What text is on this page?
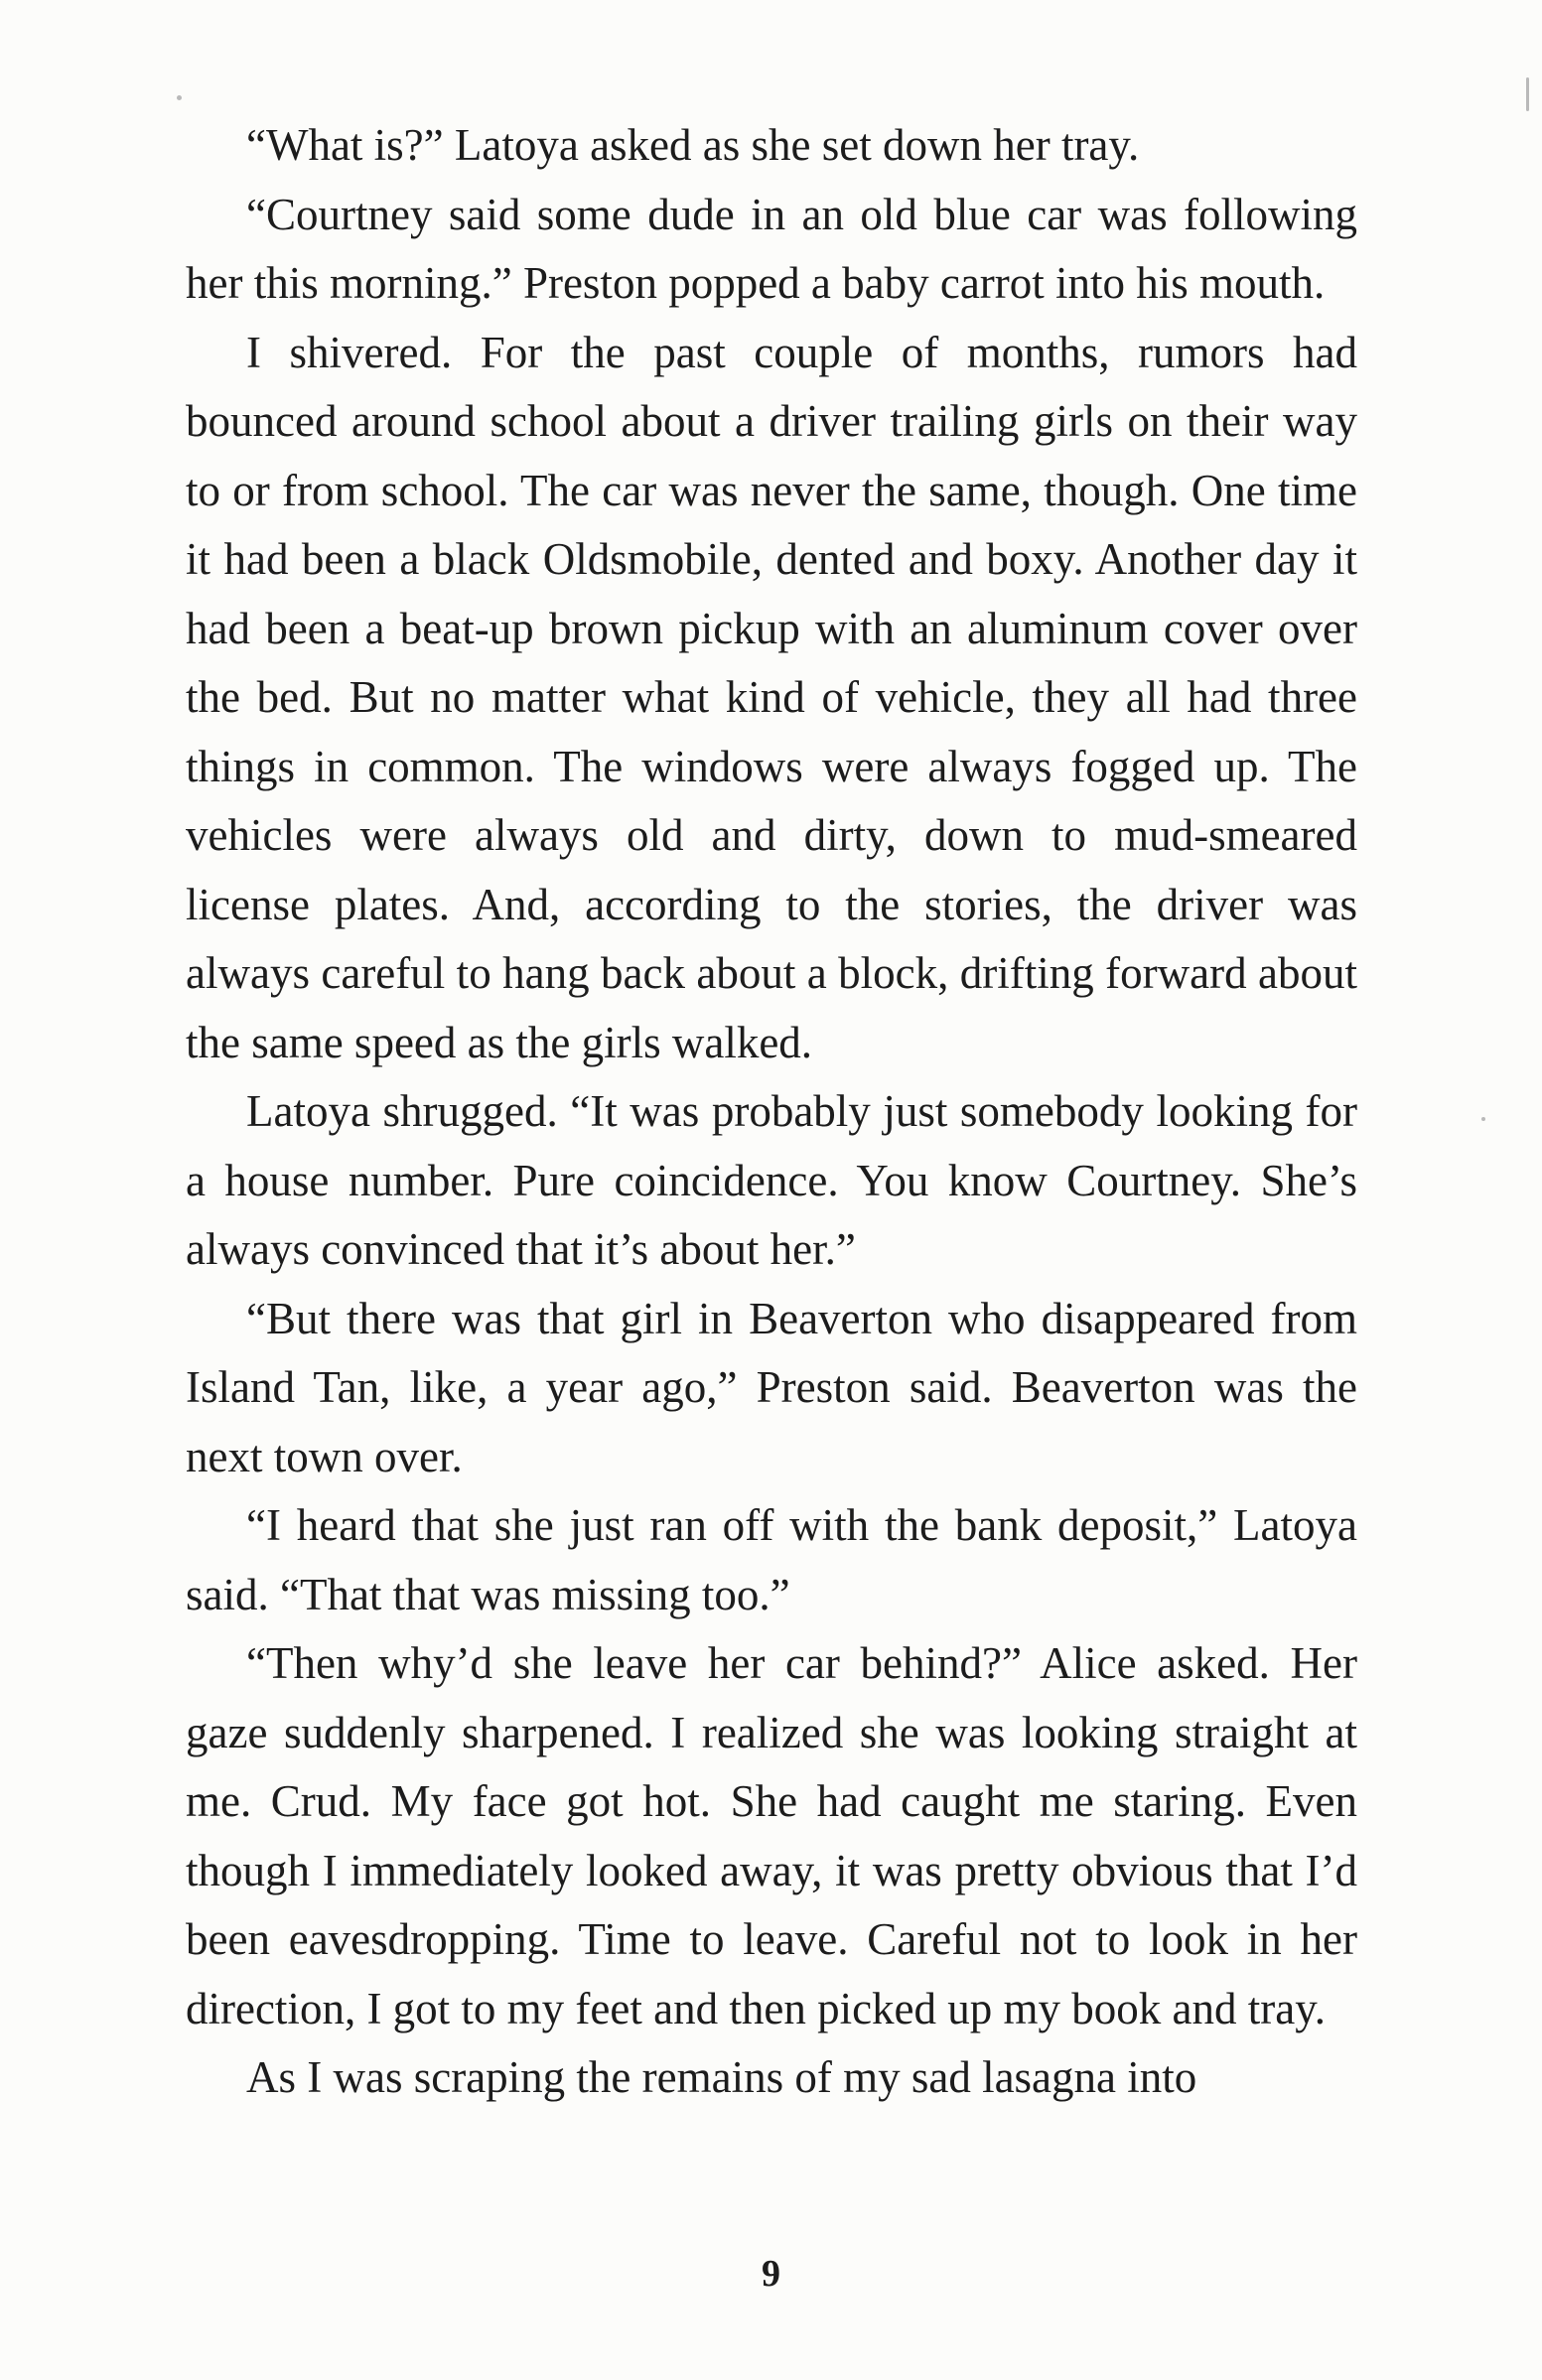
“What is?” Latoya asked as she set down her tray.

“Courtney said some dude in an old blue car was following her this morning.” Preston popped a baby carrot into his mouth.

I shivered. For the past couple of months, rumors had bounced around school about a driver trailing girls on their way to or from school. The car was never the same, though. One time it had been a black Oldsmobile, dented and boxy. Another day it had been a beat-up brown pickup with an aluminum cover over the bed. But no matter what kind of vehicle, they all had three things in common. The windows were always fogged up. The vehicles were always old and dirty, down to mud-smeared license plates. And, according to the stories, the driver was always careful to hang back about a block, drifting forward about the same speed as the girls walked.

Latoya shrugged. “It was probably just somebody looking for a house number. Pure coincidence. You know Courtney. She’s always convinced that it’s about her.”

“But there was that girl in Beaverton who disappeared from Island Tan, like, a year ago,” Preston said. Beaverton was the next town over.

“I heard that she just ran off with the bank deposit,” Latoya said. “That that was missing too.”

“Then why’d she leave her car behind?” Alice asked. Her gaze suddenly sharpened. I realized she was looking straight at me. Crud. My face got hot. She had caught me staring. Even though I immediately looked away, it was pretty obvious that I’d been eavesdropping. Time to leave. Careful not to look in her direction, I got to my feet and then picked up my book and tray.

As I was scraping the remains of my sad lasagna into

9
